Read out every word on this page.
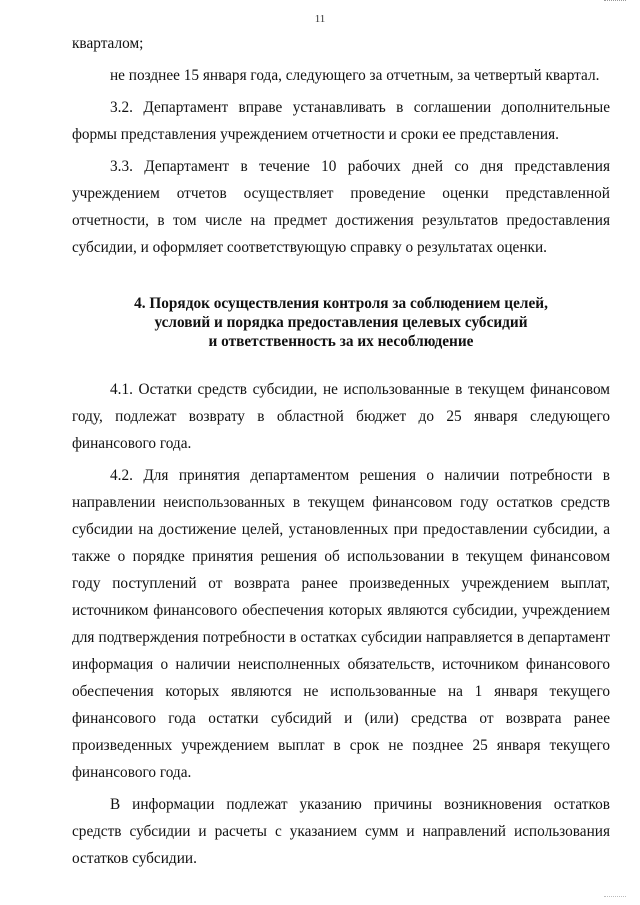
11

кварталом;

не позднее 15 января года, следующего за отчетным, за четвертый квартал.

3.2. Департамент вправе устанавливать в соглашении дополнительные формы представления учреждением отчетности и сроки ее представления.

3.3. Департамент в течение 10 рабочих дней со дня представления учреждением отчетов осуществляет проведение оценки представленной отчетности, в том числе на предмет достижения результатов предоставления субсидии, и оформляет соответствующую справку о результатах оценки.

4. Порядок осуществления контроля за соблюдением целей,
условий и порядка предоставления целевых субсидий
и ответственность за их несоблюдение

4.1. Остатки средств субсидии, не использованные в текущем финансовом году, подлежат возврату в областной бюджет до 25 января следующего финансового года.

4.2. Для принятия департаментом решения о наличии потребности в направлении неиспользованных в текущем финансовом году остатков средств субсидии на достижение целей, установленных при предоставлении субсидии, а также о порядке принятия решения об использовании в текущем финансовом году поступлений от возврата ранее произведенных учреждением выплат, источником финансового обеспечения которых являются субсидии, учреждением для подтверждения потребности в остатках субсидии направляется в департамент информация о наличии неисполненных обязательств, источником финансового обеспечения которых являются не использованные на 1 января текущего финансового года остатки субсидий и (или) средства от возврата ранее произведенных учреждением выплат в срок не позднее 25 января текущего финансового года.

В информации подлежат указанию причины возникновения остатков средств субсидии и расчеты с указанием сумм и направлений использования остатков субсидии.
